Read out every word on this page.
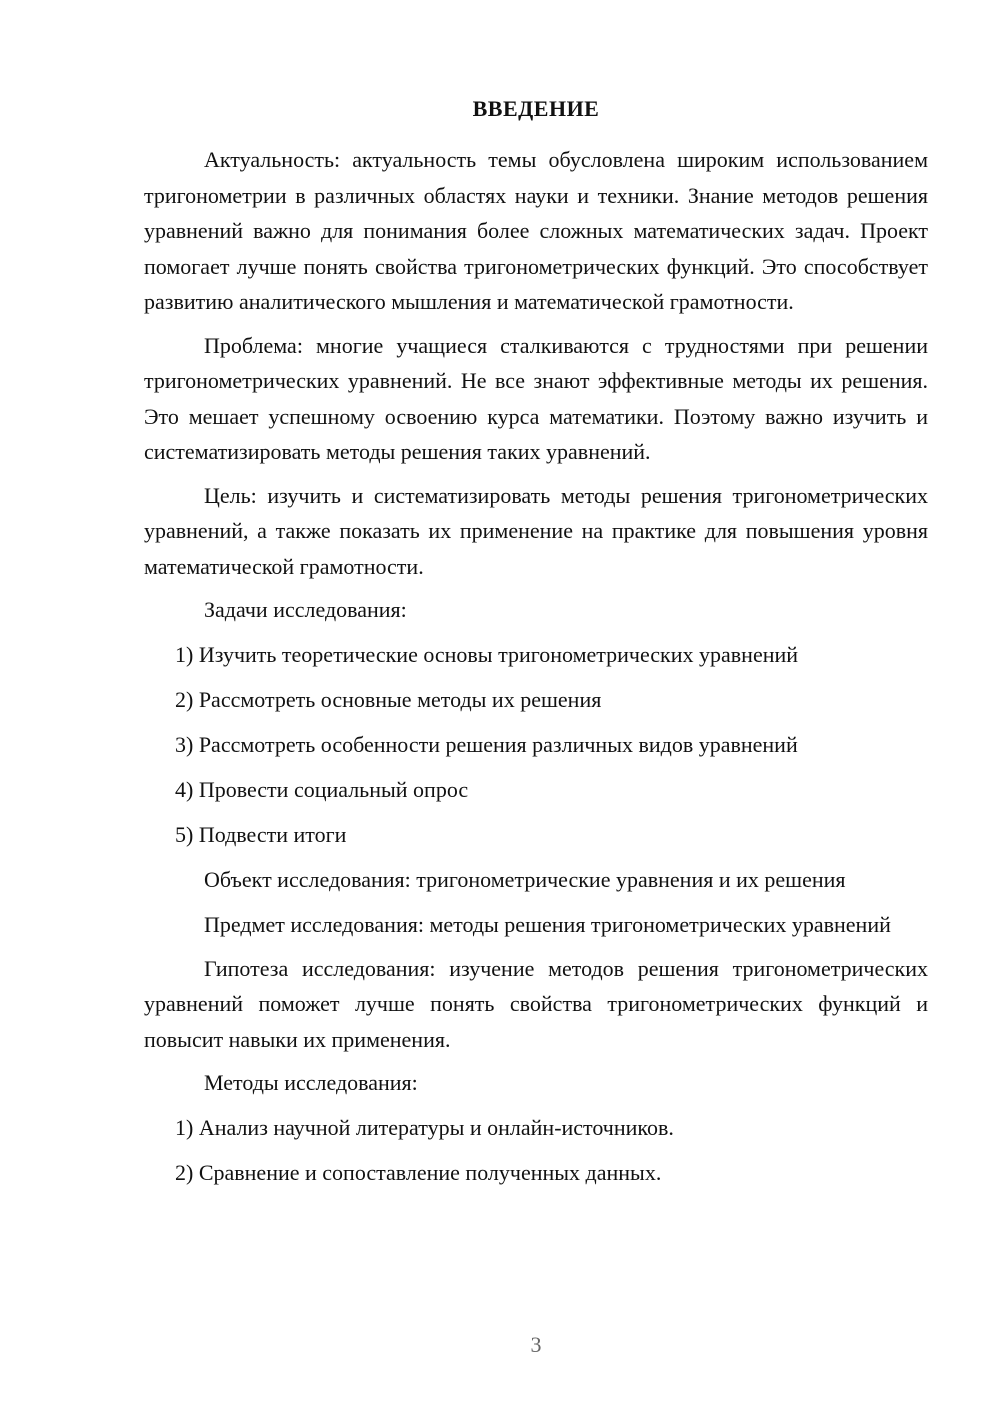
ВВЕДЕНИЕ

Актуальность: актуальность темы обусловлена широким использованием тригонометрии в различных областях науки и техники. Знание методов решения уравнений важно для понимания более сложных математических задач. Проект помогает лучше понять свойства тригонометрических функций. Это способствует развитию аналитического мышления и математической грамотности.

Проблема: многие учащиеся сталкиваются с трудностями при решении тригонометрических уравнений. Не все знают эффективные методы их решения. Это мешает успешному освоению курса математики. Поэтому важно изучить и систематизировать методы решения таких уравнений.

Цель: изучить и систематизировать методы решения тригонометрических уравнений, а также показать их применение на практике для повышения уровня математической грамотности.

Задачи исследования:
1) Изучить теоретические основы тригонометрических уравнений
2) Рассмотреть основные методы их решения
3) Рассмотреть особенности решения различных видов уравнений
4) Провести социальный опрос
5) Подвести итоги
Объект исследования: тригонометрические уравнения и их решения

Предмет исследования: методы решения тригонометрических уравнений

Гипотеза исследования: изучение методов решения тригонометрических уравнений поможет лучше понять свойства тригонометрических функций и повысит навыки их применения.

Методы исследования:
1) Анализ научной литературы и онлайн-источников.
2) Сравнение и сопоставление полученных данных.
3
